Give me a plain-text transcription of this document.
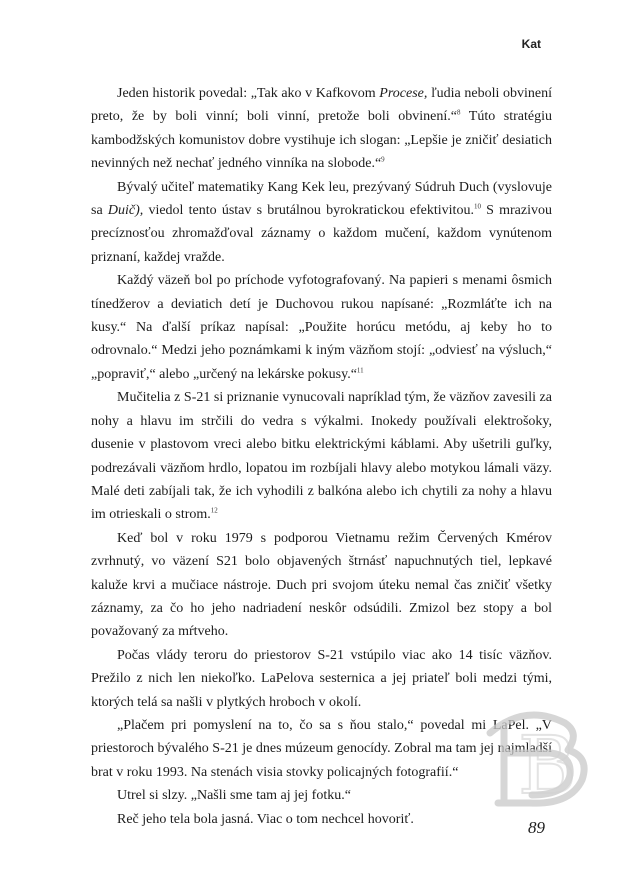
Kat

Jeden historik povedal: „Tak ako v Kafkovom Procese, ľudia neboli obvinení preto, že by boli vinní; boli vinní, pretože boli obvinení.“$^8$ Túto stratégiu kambodžských komunistov dobre vystihuje ich slogan: „Lepšie je zničiť desiatich nevinných než nechať jedného vinníka na slobode.“$^9$

Bývalý učiteľ matematiky Kang Kek leu, prezývaný Súdruh Duch (vyslovuje sa Duič), viedol tento ústav s brutálnou byrokratickou efektivitou.$^{10}$ S mrazivou precíznosťou zhromažďoval záznamy o každom mučení, každom vynútenom priznaní, každej vražde.

Každý väzeň bol po príchode vyfotografovaný. Na papieri s menami ôsmich tínedžerov a deviatich detí je Duchovou rukou napísané: „Rozmláťte ich na kusy.“ Na ďalší príkaz napísal: „Použite horúcu metódu, aj keby ho to odrovnalo.“ Medzi jeho poznámkami k iným väzňom stojí: „odviesť na výsluch,“ „popraviť,“ alebo „určený na lekárske pokusy.“$^{11}$

Mučitelia z S-21 si priznanie vynucovali napríklad tým, že väzňov zavesili za nohy a hlavu im strčili do vedra s výkalmi. Inokedy používali elektrošoky, dusenie v plastovom vreci alebo bitku elektrickými káblami. Aby ušetrili guľky, podrezávali väzňom hrdlo, lopatou im rozbíjali hlavy alebo motykou lámali väzy. Malé deti zabíjali tak, že ich vyhodili z balkóna alebo ich chytili za nohy a hlavu im otrieskali o strom.$^{12}$

Keď bol v roku 1979 s podporou Vietnamu režim Červených Kmérov zvrhnutý, vo väzení S21 bolo objavených štrnásť napuchnutých tiel, lepkavé kaluže krvi a mučiace nástroje. Duch pri svojom úteku nemal čas zničiť všetky záznamy, za čo ho jeho nadriadení neskôr odsúdili. Zmizol bez stopy a bol považovaný za mŕtveho.

Počas vlády teroru do priestorov S-21 vstúpilo viac ako 14 tisíc väzňov. Prežilo z nich len niekoľko. LaPelova sesternica a jej priateľ boli medzi tými, ktorých telá sa našli v plytkých hroboch v okolí.

„Plačem pri pomyslení na to, čo sa s ňou stalo,“ povedal mi LaPel. „V priestoroch bývalého S-21 je dnes múzeum genocídy. Zobral ma tam jej najmladší brat v roku 1993. Na stenách visia stovky policajných fotografií.“

Utrel si slzy. „Našli sme tam aj jej fotku.“

Reč jeho tela bola jasná. Viac o tom nechcel hovoriť.	89
B
